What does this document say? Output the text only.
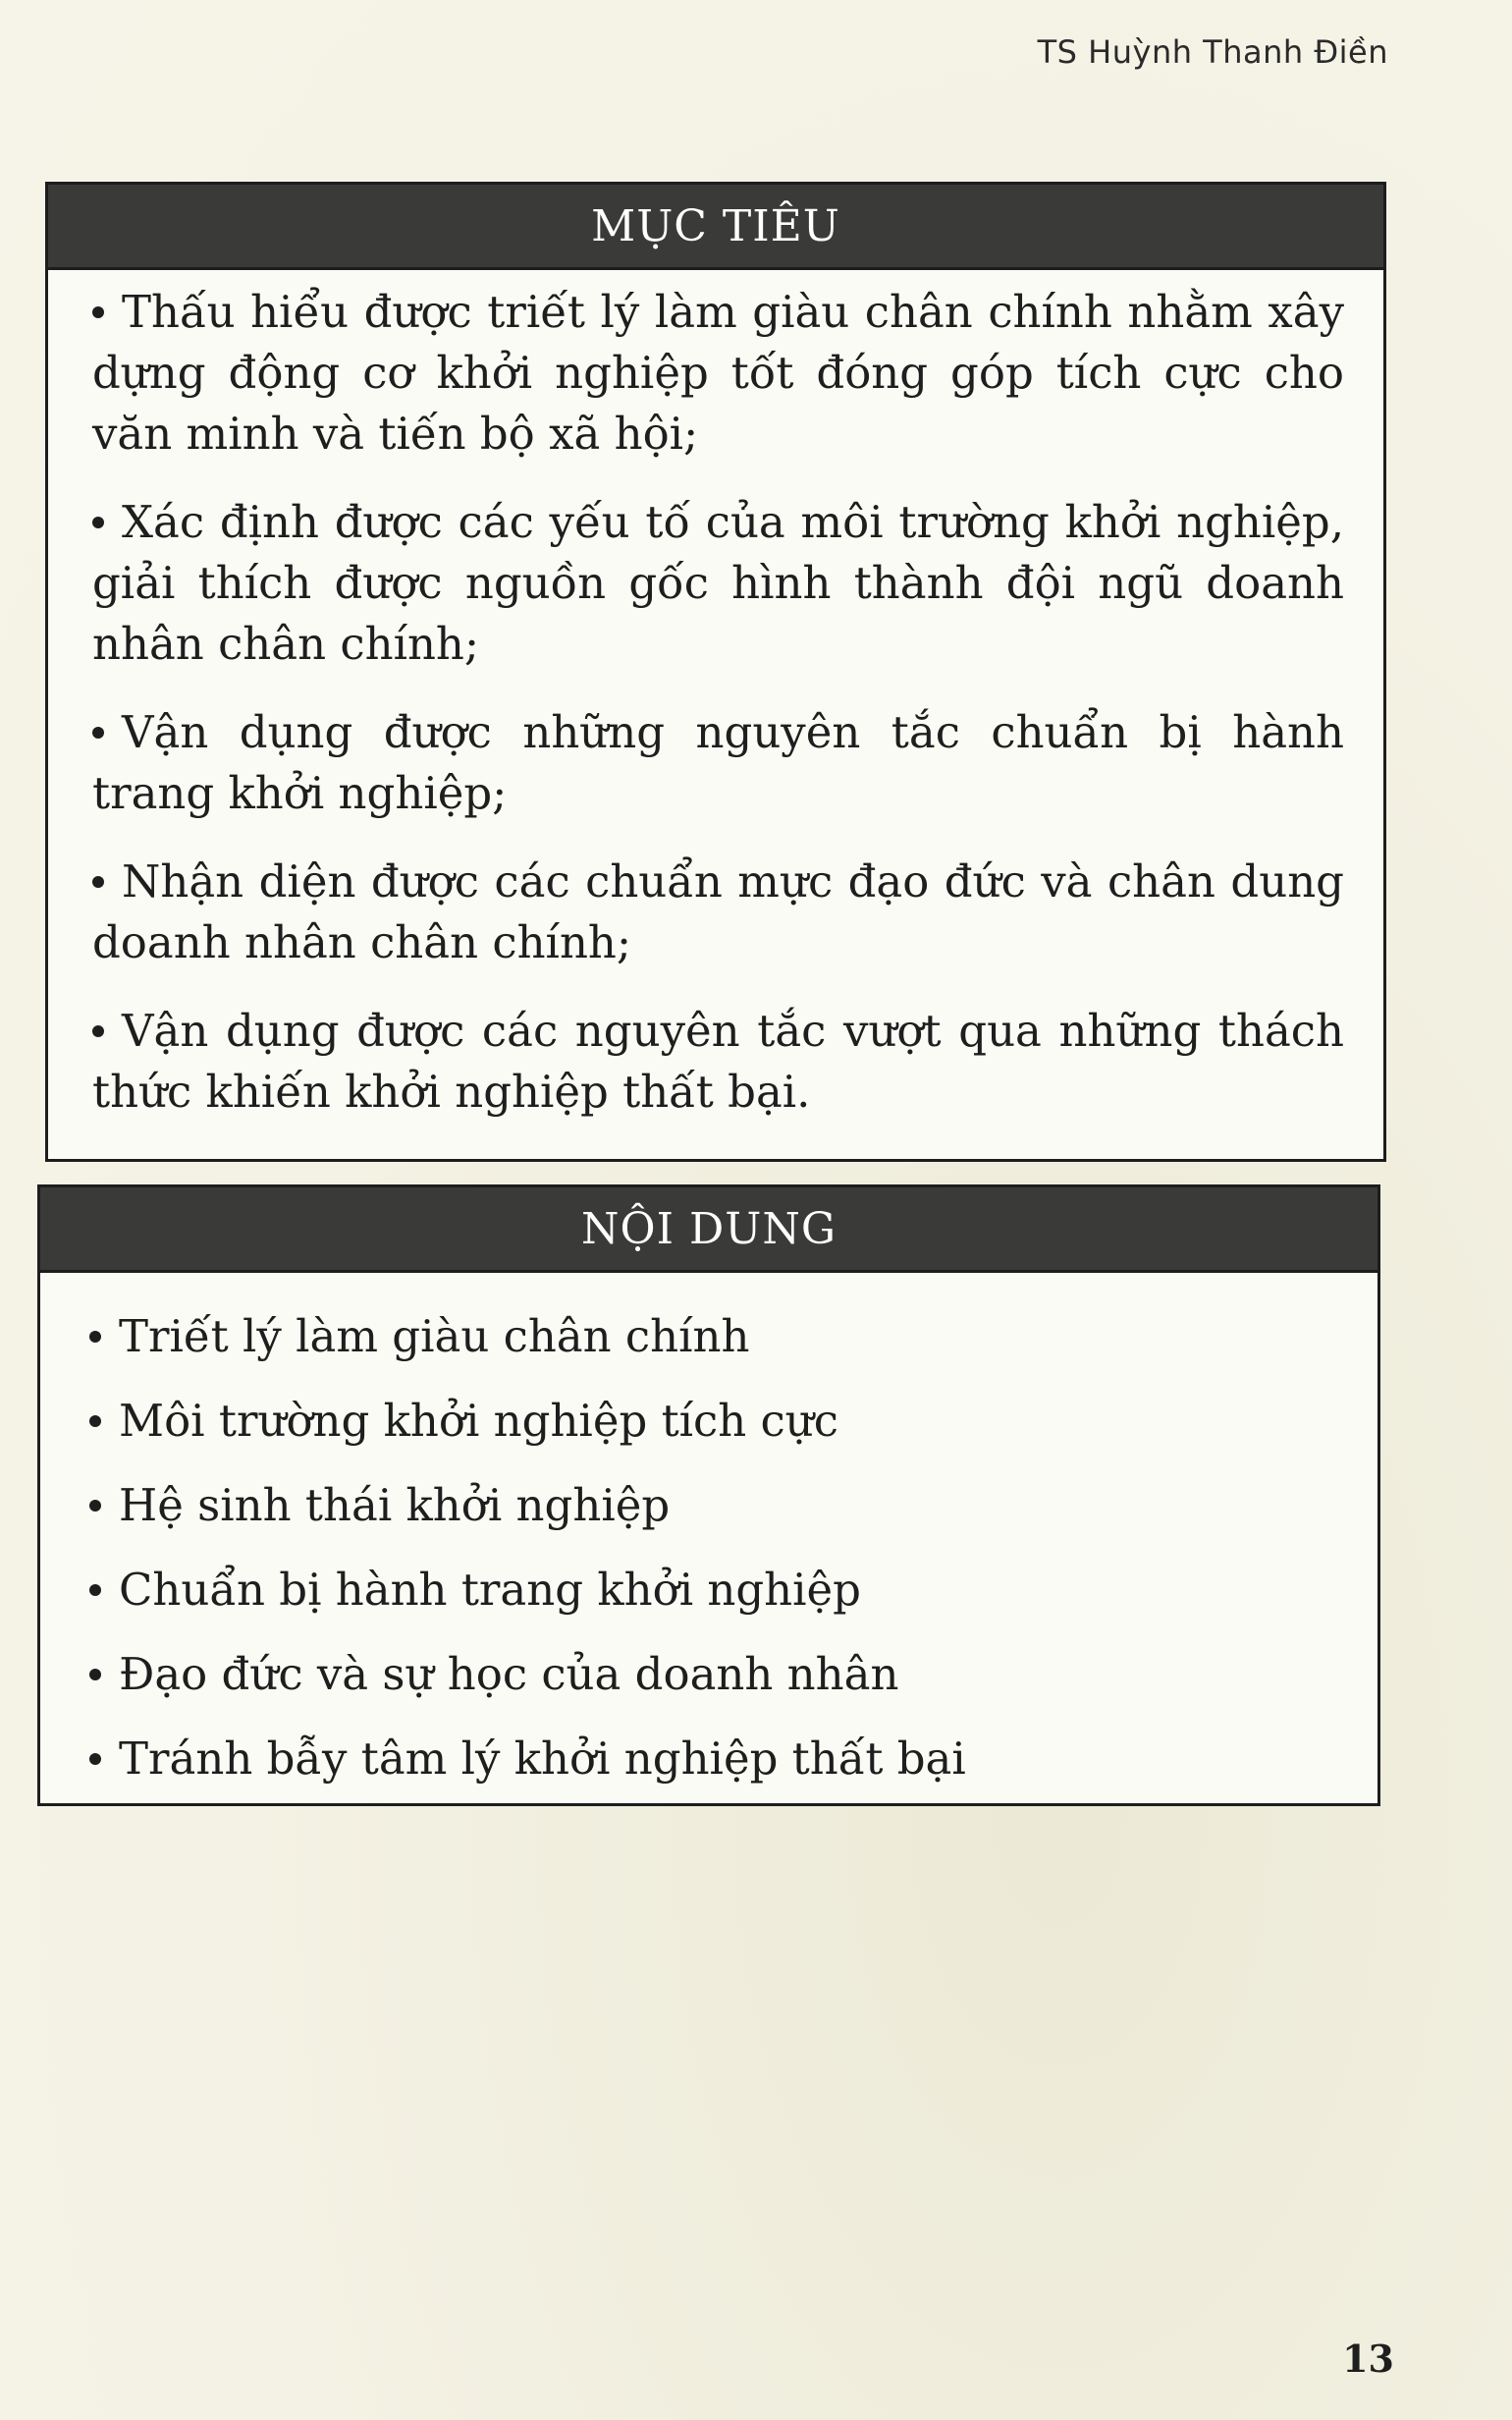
TS Huỳnh Thanh Điền
MỤC TIÊU
Thấu hiểu được triết lý làm giàu chân chính nhằm xây dựng động cơ khởi nghiệp tốt đóng góp tích cực cho văn minh và tiến bộ xã hội;
Xác định được các yếu tố của môi trường khởi nghiệp, giải thích được nguồn gốc hình thành đội ngũ doanh nhân chân chính;
Vận dụng được những nguyên tắc chuẩn bị hành trang khởi nghiệp;
Nhận diện được các chuẩn mực đạo đức và chân dung doanh nhân chân chính;
Vận dụng được các nguyên tắc vượt qua những thách thức khiến khởi nghiệp thất bại.
NỘI DUNG
Triết lý làm giàu chân chính
Môi trường khởi nghiệp tích cực
Hệ sinh thái khởi nghiệp
Chuẩn bị hành trang khởi nghiệp
Đạo đức và sự học của doanh nhân
Tránh bẫy tâm lý khởi nghiệp thất bại
13
